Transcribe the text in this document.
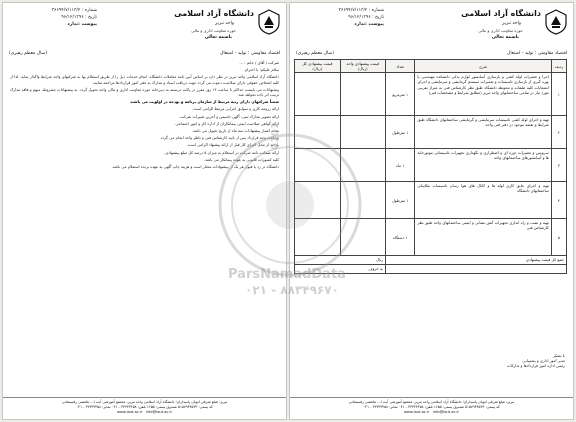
دانشگاه آزاد اسلامی
واحد تبریز
حوزه معاونت اداری و مالی
باسمه تعالی
شماره : ۳۶۶۹۴/۷/۱۱۳/۲
تاریخ : ۹۶/۱۲/۱۳۹۶
پیوست :ندارد
اقتصاد مقاومتی ؛ تولید - اشتغال
(سال معظم رهبری)
ردیف	شرح	تعداد	قیمت پیشنهادی واحد (ریال)	قیمت پیشنهادی کل (ریال)
۱	اجرا و تعمیرات لوله کشی و بازسازی آسانسور لوازم یدکی دانشکده مهندسی با بهره گیری از بازسازی تاسیسات و تعمیرات سیستم گرمایشی و سرمایشی و اجرای انشعابات کلیه طبقات و محوطه دانشگاه طبق نظر کارشناس فنی به متراژ تقریبی مورد نیاز در تمامی ساختمانهای واحد تبریز (مطابق شرایط و مشخصات فنی)	۱ مترمربع		
۲	تهیه و اجرای لوله کشی تاسیسات سرمایشی و گرمایشی ساختمانهای دانشگاه طبق شرایط و نقشه موجود در دفتر فنی واحد	۱ مترطول		
۳	سرویس و تعمیرات دوره ای و اضطراری و نگهداری تجهیزات تاسیساتی موتورخانه ها و آسانسورهای ساختمانهای واحد	۱ ماه		
۴	تهیه و اجرای عایق کاری لوله ها و کانال های هوا رسان تاسیسات مکانیکی ساختمانهای دانشگاه	۱ مترطول		
۵	تهیه و نصب و راه اندازی تجهیزات آتش نشانی و ایمنی ساختمانهای واحد طبق نظر کارشناس فنی	۱ دستگاه		
جمع کل قیمت پیشنهادی			ریال	
			به حروف	
با تشکر
مدیر امور اداری و پشتیبانی
رئیس اداره امور قراردادها و تدارکات
تبریز: ضلع شرقی اتوبان پاسداران؛ دانشگاه آزاد اسلامی واحد تبریز، مجتمع آموزشی آیت ا... هاشمی رفسنجانی
کد پستی: ۵۱۵۷۹۴۴۵۳۳ صندوق پستی: ۱۶۵۵ تلفن: ۳۳۳۳۳۴۵۸ - ۰۴۱ نمابر: ۳۳۳۳۳۴۵۸ - ۰۴۱
www.iaut.ac.ir info@iaut.ac.ir
دانشگاه آزاد اسلامی
واحد تبریز
حوزه معاونت اداری و مالی
باسمه تعالی
شماره : ۳۶۶۹۴/۷/۱۱۳/۲
تاریخ : ۹۶/۱۲/۱۳۹۶
پیوست :ندارد
اقتصاد مقاومتی ؛ تولید - اشتغال
(سال معظم رهبری)

شرکت / آقای / خانم : ...

سلام علیکم؛ با احترام

دانشگاه آزاد اسلامی واحد تبریز در نظر دارد بر اساس آیین نامه معاملات دانشگاه، انجام خدمات ذیل را از طریق استعلام بها به شرکتهای واجد شرایط واگذار نماید. لذا از کلیه اشخاص حقوقی دارای صلاحیت دعوت می گردد جهت دریافت اسناد و مدارک به دفتر امور قراردادها مراجعه نمایند.

پیشنهادات می بایست حداکثر تا ساعت ۱۴ روز مقرر در پاکت دربسته به دبیرخانه حوزه معاونت اداری و مالی واحد تحویل گردد. به پیشنهادات مشروط، مبهم و فاقد مدارک ترتیب اثر داده نخواهد شد.

ضمناً شرکتهای دارای رتبه مرتبط از سازمان برنامه و بودجه در اولویت می باشند

ارائه رزومه کاری و سوابق اجرایی مرتبط الزامی است.

ارائه تصویر مدارک ثبتی، آگهی تاسیس و آخرین تغییرات شرکت.

ارائه گواهی صلاحیت ایمنی پیمانکاران از اداره کار و امور اجتماعی.

مدت اعتبار پیشنهادات سه ماه از تاریخ تحویل می باشد.

پرداخت وجه قرارداد پس از تایید کارشناس فنی و ناظر واحد انجام می گردد.

بازدید از محل اجرای کار قبل از ارائه پیشنهاد الزامی است.

ارائه ضمانت نامه شرکت در استعلام به میزان ۵ درصد کل مبلغ پیشنهادی.

کلیه کسورات قانونی به عهده پیمانکار می باشد.

دانشگاه در رد یا قبول هر یک از پیشنهادات مختار است و هزینه چاپ آگهی به عهده برنده استعلام می باشد.

تبریز: ضلع شرقی اتوبان پاسداران؛ دانشگاه آزاد اسلامی واحد تبریز، مجتمع آموزشی آیت ا... هاشمی رفسنجانی
کد پستی: ۵۱۵۷۹۴۴۵۳۳ صندوق پستی: ۱۶۵۵ تلفن: ۳۳۳۳۳۴۵۸ - ۰۴۱ نمابر: ۳۳۳۳۳۴۵۸ - ۰۴۱
www.iaut.ac.ir info@iaut.ac.ir
0101
ParsNamadData
۰۲۱ - ۸۸۳۴۹۶۷۰
